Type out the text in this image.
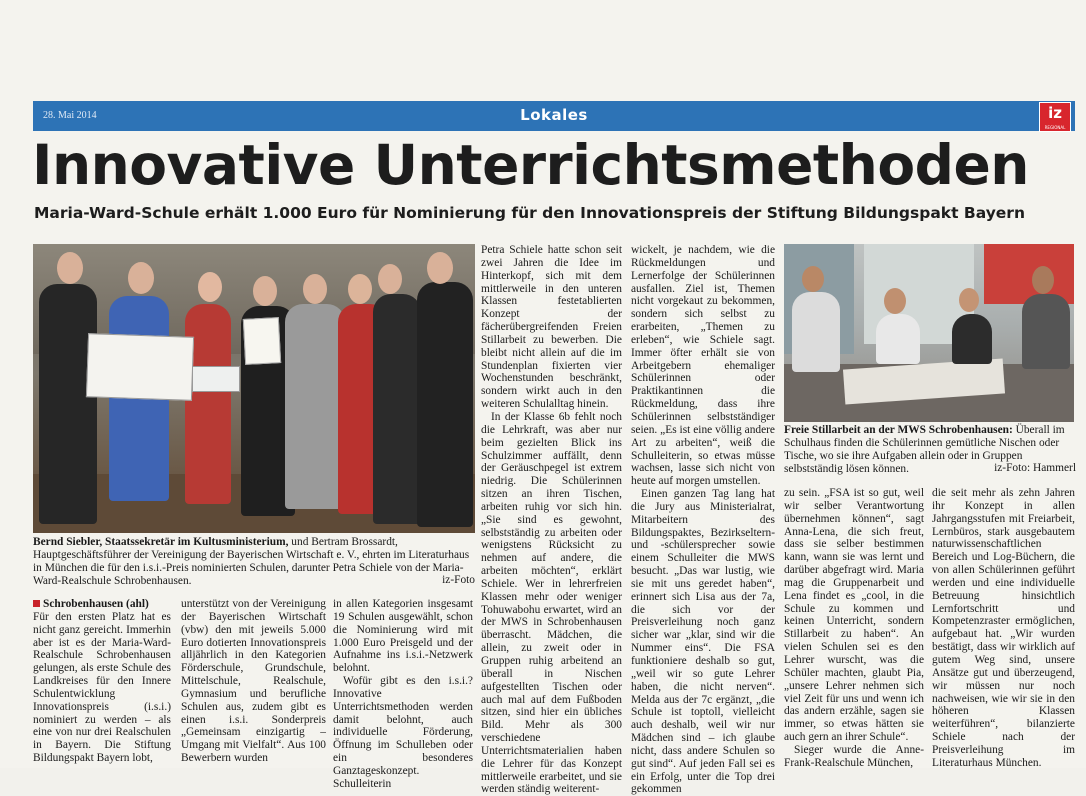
28. Mai 2014	Lokales	iz
REGIONAL
Innovative Unterrichtsmethoden
Maria-Ward-Schule erhält 1.000 Euro für Nominierung für den Innovationspreis der Stiftung Bildungspakt Bayern
Bernd Siebler, Staatssekretär im Kultusministerium, und Bertram Brossardt, Hauptgeschäftsführer der Vereinigung der Bayerischen Wirtschaft e. V., ehrten im Literaturhaus in München die für den i.s.i.-Preis nominierten Schulen, darunter Petra Schiele von der Maria-Ward-Realschule Schrobenhausen.	iz-Foto
Freie Stillarbeit an der MWS Schrobenhausen: Überall im Schulhaus finden die Schülerinnen gemütliche Nischen oder Tische, wo sie ihre Aufgaben allein oder in Gruppen selbstständig lösen können.	iz-Foto: Hammerl

Schrobenhausen (ahl)

Für den ersten Platz hat es nicht ganz gereicht. Immerhin aber ist es der Maria-Ward-Realschule Schrobenhausen gelungen, als erste Schule des Landkreises für den Innere Schulentwicklung Innovationspreis (i.s.i.) nominiert zu werden – als eine von nur drei Realschulen in Bayern. Die Stiftung Bildungspakt Bayern lobt,

unterstützt von der Vereinigung der Bayerischen Wirtschaft (vbw) den mit jeweils 5.000 Euro dotierten Innovationspreis alljährlich in den Kategorien Förderschule, Grundschule, Mittelschule, Realschule, Gymnasium und berufliche Schulen aus, zudem gibt es einen i.s.i. Sonderpreis „Gemeinsam einzigartig – Umgang mit Vielfalt“. Aus 100 Bewerbern wurden

in allen Kategorien insgesamt 19 Schulen ausgewählt, schon die Nominierung wird mit 1.000 Euro Preisgeld und der Aufnahme ins i.s.i.-Netzwerk belohnt.

Wofür gibt es den i.s.i.? Innovative Unterrichtsmethoden werden damit belohnt, auch individuelle Förderung, Öffnung im Schulleben oder ein besonderes Ganztageskonzept. Schulleiterin

Petra Schiele hatte schon seit zwei Jahren die Idee im Hinterkopf, sich mit dem mittlerweile in den unteren Klassen festetablierten Konzept der fächerübergreifenden Freien Stillarbeit zu bewerben. Die bleibt nicht allein auf die im Stundenplan fixierten vier Wochenstunden beschränkt, sondern wirkt auch in den weiteren Schulalltag hinein.

In der Klasse 6b fehlt noch die Lehrkraft, was aber nur beim gezielten Blick ins Schulzimmer auffällt, denn der Geräuschpegel ist extrem niedrig. Die Schülerinnen sitzen an ihren Tischen, arbeiten ruhig vor sich hin. „Sie sind es gewohnt, selbstständig zu arbeiten oder wenigstens Rücksicht zu nehmen auf andere, die arbeiten möchten“, erklärt Schiele. Wer in lehrerfreien Klassen mehr oder weniger Tohuwabohu erwartet, wird an der MWS in Schrobenhausen überrascht. Mädchen, die allein, zu zweit oder in Gruppen ruhig arbeitend an überall in Nischen aufgestellten Tischen oder auch mal auf dem Fußboden sitzen, sind hier ein übliches Bild. Mehr als 300 verschiedene Unterrichtsmaterialien haben die Lehrer für das Konzept mittlerweile erarbeitet, und sie werden ständig weiterent-

wickelt, je nachdem, wie die Rückmeldungen und Lernerfolge der Schülerinnen ausfallen. Ziel ist, Themen nicht vorgekaut zu bekommen, sondern sich selbst zu erarbeiten, „Themen zu erleben“, wie Schiele sagt. Immer öfter erhält sie von Arbeitgebern ehemaliger Schülerinnen oder Praktikantinnen die Rückmeldung, dass ihre Schülerinnen selbstständiger seien. „Es ist eine völlig andere Art zu arbeiten“, weiß die Schulleiterin, so etwas müsse wachsen, lasse sich nicht von heute auf morgen umstellen.

Einen ganzen Tag lang hat die Jury aus Ministerialrat, Mitarbeitern des Bildungspaktes, Bezirkseltern- und -schülersprecher sowie einem Schulleiter die MWS besucht. „Das war lustig, wie sie mit uns geredet haben“, erinnert sich Lisa aus der 7a, die sich vor der Preisverleihung noch ganz sicher war „klar, sind wir die Nummer eins“. Die FSA funktioniere deshalb so gut, „weil wir so gute Lehrer haben, die nicht nerven“. Melda aus der 7c ergänzt, „die Schule ist toptoll, vielleicht auch deshalb, weil wir nur Mädchen sind – ich glaube nicht, dass andere Schulen so gut sind“. Auf jeden Fall sei es ein Erfolg, unter die Top drei gekommen

zu sein. „FSA ist so gut, weil wir selber Verantwortung übernehmen können“, sagt Anna-Lena, die sich freut, dass sie selber bestimmen kann, wann sie was lernt und darüber abgefragt wird. Maria mag die Gruppenarbeit und Lena findet es „cool, in die Schule zu kommen und keinen Unterricht, sondern Stillarbeit zu haben“. An vielen Schulen sei es den Lehrer wurscht, was die Schüler machten, glaubt Pia, „unsere Lehrer nehmen sich viel Zeit für uns und wenn ich das andern erzähle, sagen sie immer, so etwas hätten sie auch gern an ihrer Schule“.

Sieger wurde die Anne-Frank-Realschule München,

die seit mehr als zehn Jahren ihr Konzept in allen Jahrgangsstufen mit Freiarbeit, Lernbüros, stark ausgebautem naturwissenschaftlichen Bereich und Log-Büchern, die von allen Schülerinnen geführt werden und eine individuelle Betreuung hinsichtlich Lernfortschritt und Kompetenzraster ermöglichen, aufgebaut hat. „Wir wurden bestätigt, dass wir wirklich auf gutem Weg sind, unsere Ansätze gut und überzeugend, wir müssen nur noch nachweisen, wie wir sie in den höheren Klassen weiterführen“, bilanzierte Schiele nach der Preisverleihung im Literaturhaus München.
